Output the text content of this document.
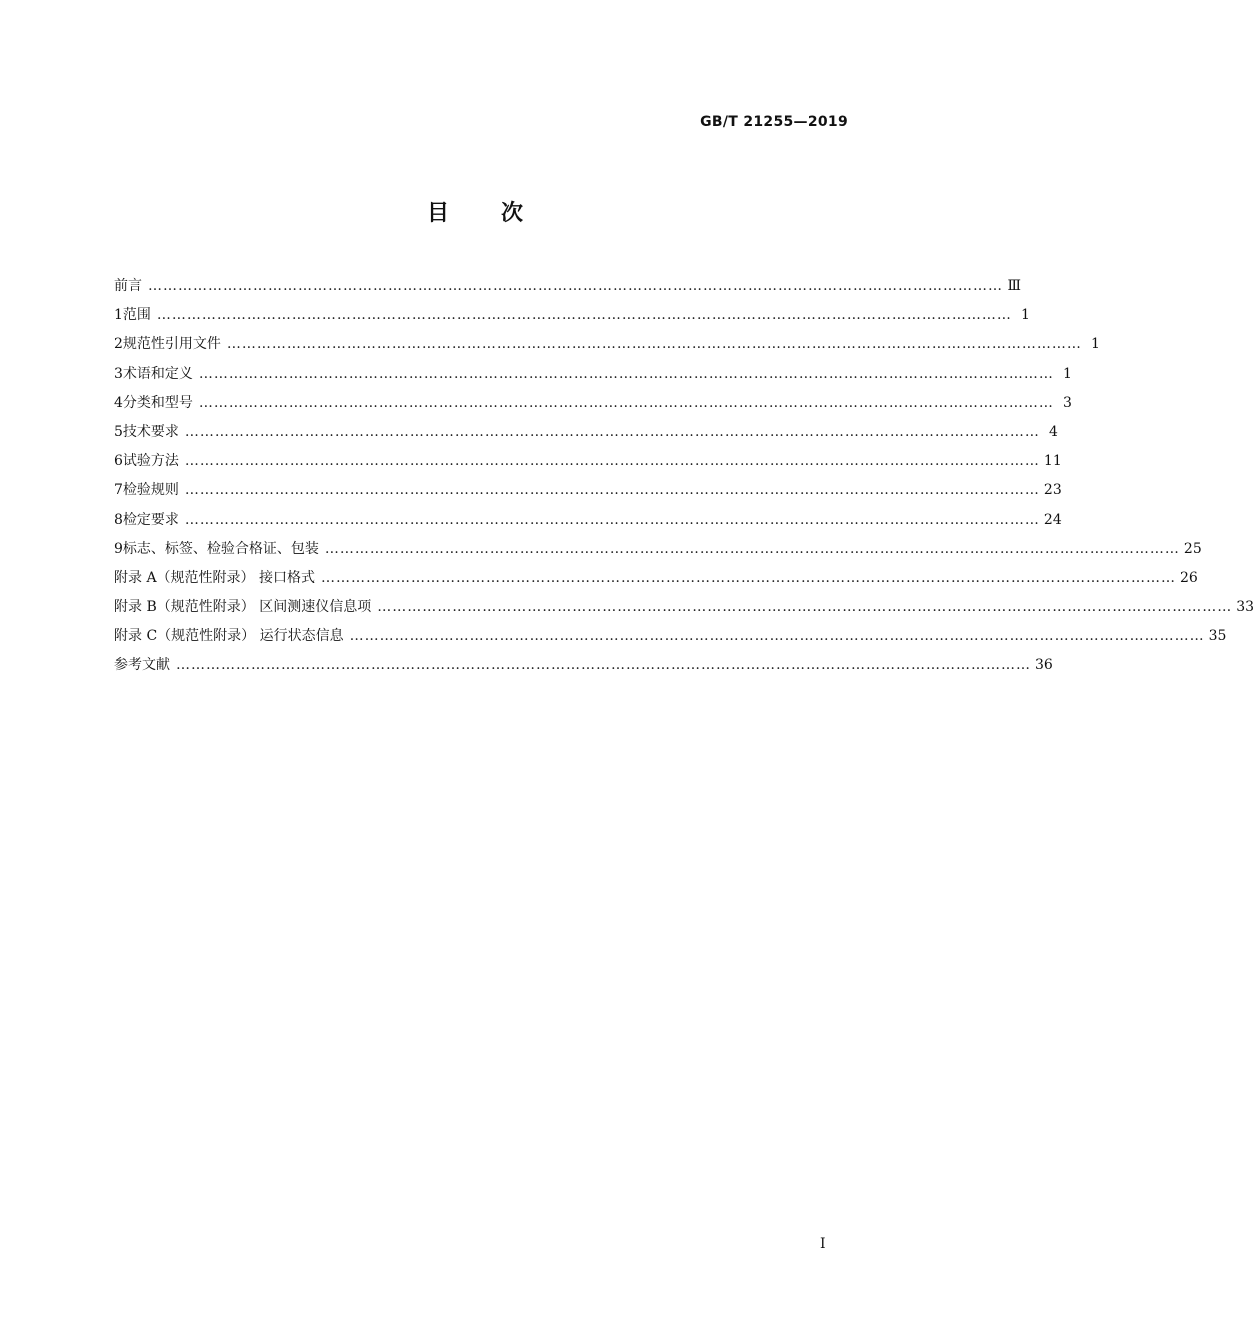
GB/T 21255—2019
目 次
前言 ……………………………………………………………………………………………………………………………………………………… Ⅲ
1 范围 ……………………………………………………………………………………………………………………………………………………… 1
2 规范性引用文件 ……………………………………………………………………………………………………………………………………………………… 1
3 术语和定义 ……………………………………………………………………………………………………………………………………………………… 1
4 分类和型号 ……………………………………………………………………………………………………………………………………………………… 3
5 技术要求 ……………………………………………………………………………………………………………………………………………………… 4
6 试验方法 ……………………………………………………………………………………………………………………………………………………… 11
7 检验规则 ……………………………………………………………………………………………………………………………………………………… 23
8 检定要求 ……………………………………………………………………………………………………………………………………………………… 24
9 标志、标签、检验合格证、包装 ……………………………………………………………………………………………………………………………………………………… 25
附录 A（规范性附录） 接口格式 ……………………………………………………………………………………………………………………………………………………… 26
附录 B（规范性附录） 区间测速仪信息项 ……………………………………………………………………………………………………………………………………………………… 33
附录 C（规范性附录） 运行状态信息 ……………………………………………………………………………………………………………………………………………………… 35
参考文献 ……………………………………………………………………………………………………………………………………………………… 36
I
